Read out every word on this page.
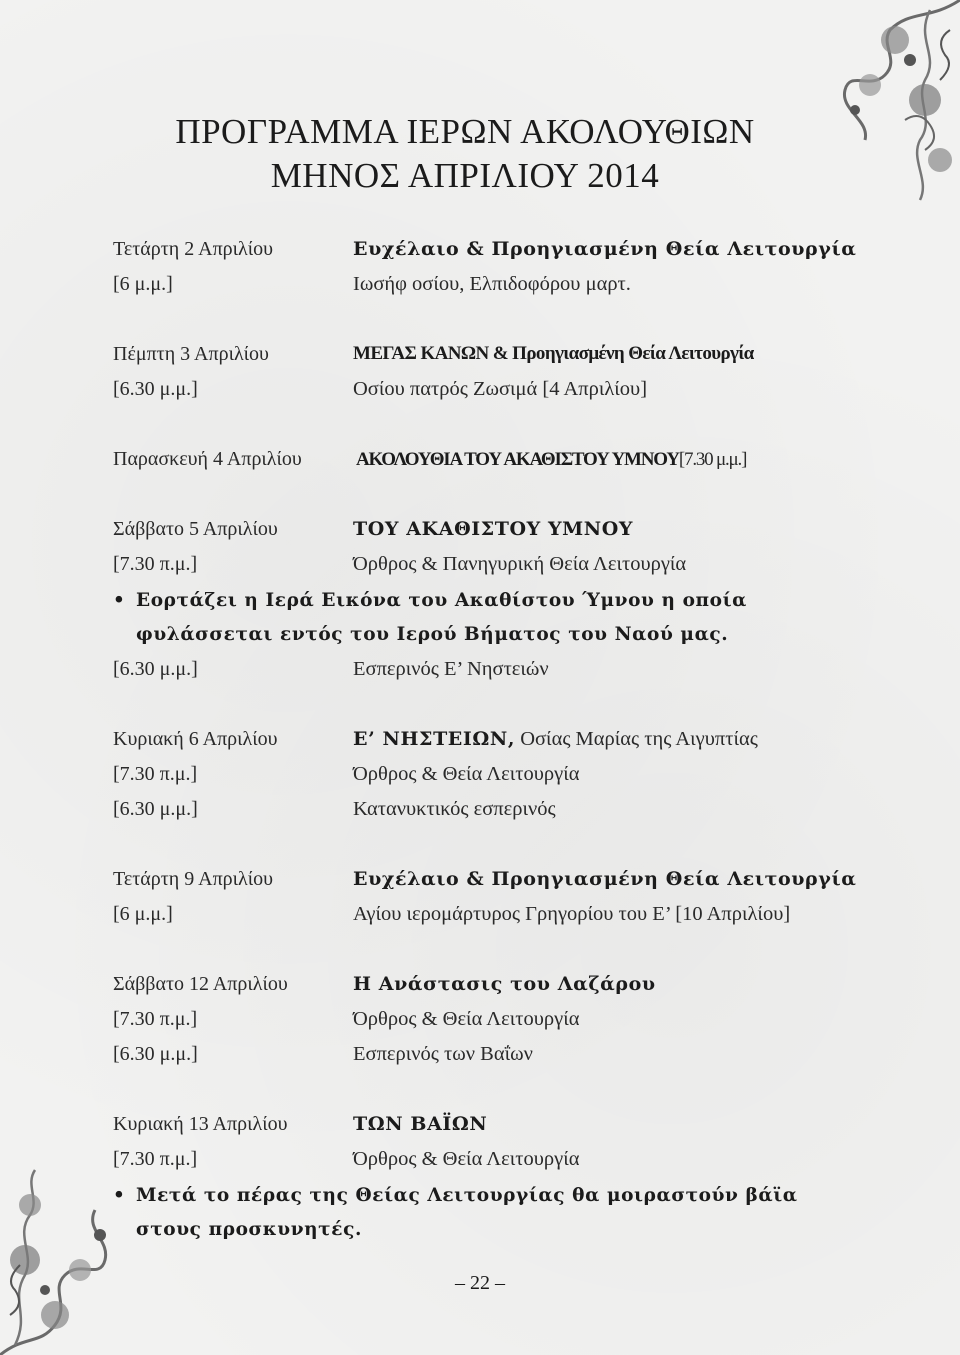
ΠΡΟΓΡΑΜΜΑ ΙΕΡΩΝ ΑΚΟΛΟΥΘΙΩΝ
ΜΗΝΟΣ ΑΠΡΙΛΙΟΥ 2014
Τετάρτη 2 Απριλίου	Ευχέλαιο & Προηγιασμένη Θεία Λειτουργία
[6 μ.μ.]	Ιωσήφ οσίου, Ελπιδοφόρου μαρτ.
Πέμπτη 3 Απριλίου	ΜΕΓΑΣ ΚΑΝΩΝ & Προηγιασμένη Θεία Λειτουργία
[6.30 μ.μ.]	Οσίου πατρός Ζωσιμά [4 Απριλίου]
Παρασκευή 4 Απριλίου	ΑΚΟΛΟΥΘΙΑ ΤΟΥ ΑΚΑΘΙΣΤΟΥ ΥΜΝΟΥ[7.30 μ.μ.]
Σάββατο 5 Απριλίου	ΤΟΥ ΑΚΑΘΙΣΤΟΥ ΥΜΝΟΥ
[7.30 π.μ.]	Όρθρος & Πανηγυρική Θεία Λειτουργία
• Εορτάζει η Ιερά Εικόνα του Ακαθίστου Ύμνου η οποία
φυλάσσεται εντός του Ιερού Βήματος του Ναού μας.
[6.30 μ.μ.]	Εσπερινός Ε’ Νηστειών
Κυριακή 6 Απριλίου	Ε’ ΝΗΣΤΕΙΩΝ, Οσίας Μαρίας της Αιγυπτίας
[7.30 π.μ.]	Όρθρος & Θεία Λειτουργία
[6.30 μ.μ.]	Κατανυκτικός εσπερινός
Τετάρτη 9 Απριλίου	Ευχέλαιο & Προηγιασμένη Θεία Λειτουργία
[6 μ.μ.]	Αγίου ιερομάρτυρος Γρηγορίου του Ε’ [10 Απριλίου]
Σάββατο 12 Απριλίου	Η Ανάστασις του Λαζάρου
[7.30 π.μ.]	Όρθρος & Θεία Λειτουργία
[6.30 μ.μ.]	Εσπερινός των Βαΐων
Κυριακή 13 Απριλίου	ΤΩΝ ΒΑΪΩΝ
[7.30 π.μ.]	Όρθρος & Θεία Λειτουργία
• Μετά το πέρας της Θείας Λειτουργίας θα μοιραστούν βάϊα
στους προσκυνητές.
– 22 –
